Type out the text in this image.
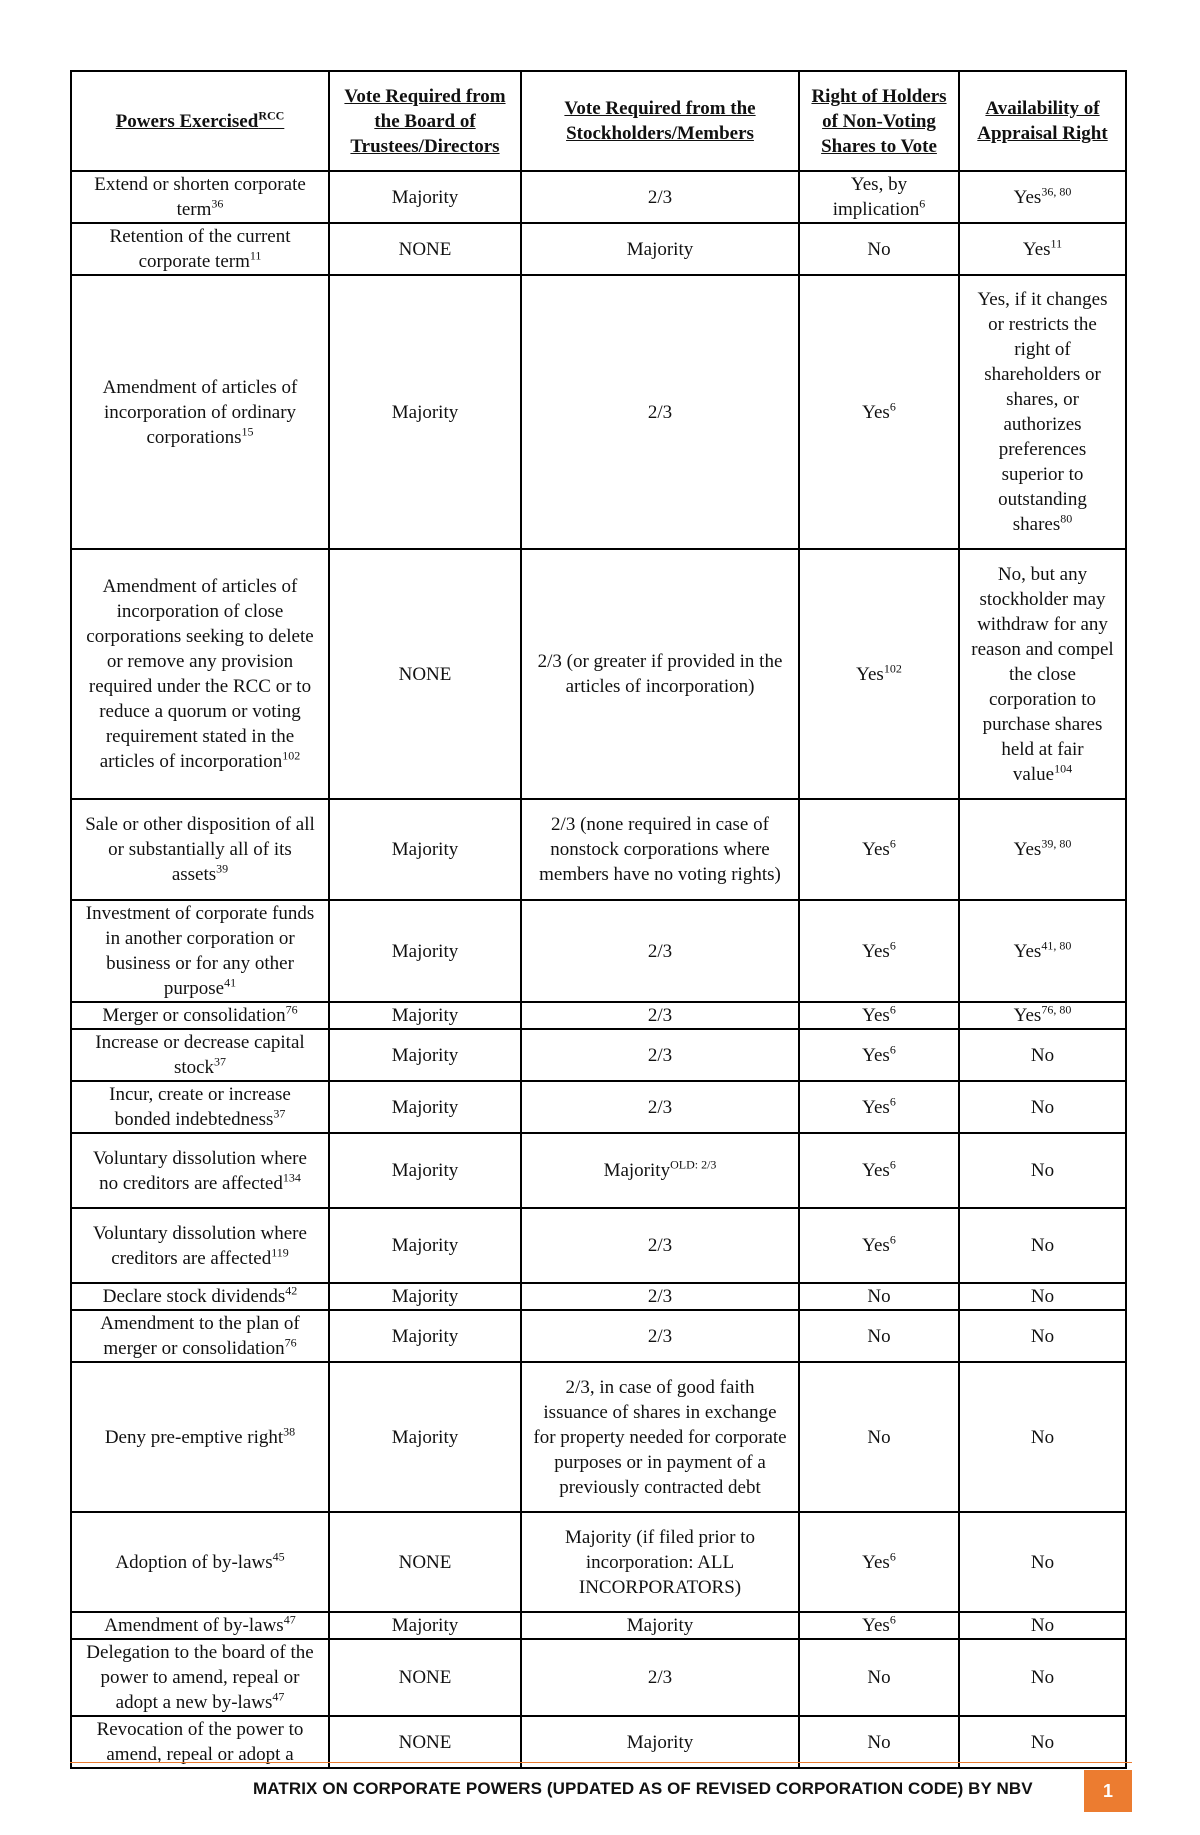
Powers Exercised$^{RCC}$	Vote Required from the Board of Trustees/Directors	Vote Required from the Stockholders/Members	Right of Holders of Non-Voting Shares to Vote	Availability of Appraisal Right
Extend or shorten corporate term$^{36}$	Majority	2/3	Yes, by implication$^6$	Yes$^{36, 80}$
Retention of the current corporate term$^{11}$	NONE	Majority	No	Yes$^{11}$
Amendment of articles of incorporation of ordinary corporations$^{15}$	Majority	2/3	Yes$^6$	Yes, if it changes or restricts the right of shareholders or shares, or authorizes preferences superior to outstanding shares$^{80}$
Amendment of articles of incorporation of close corporations seeking to delete or remove any provision required under the RCC or to reduce a quorum or voting requirement stated in the articles of incorporation$^{102}$	NONE	2/3 (or greater if provided in the articles of incorporation)	Yes$^{102}$	No, but any stockholder may withdraw for any reason and compel the close corporation to purchase shares held at fair value$^{104}$
Sale or other disposition of all or substantially all of its assets$^{39}$	Majority	2/3 (none required in case of nonstock corporations where members have no voting rights)	Yes$^6$	Yes$^{39, 80}$
Investment of corporate funds in another corporation or business or for any other purpose$^{41}$	Majority	2/3	Yes$^6$	Yes$^{41, 80}$
Merger or consolidation$^{76}$	Majority	2/3	Yes$^6$	Yes$^{76, 80}$
Increase or decrease capital stock$^{37}$	Majority	2/3	Yes$^6$	No
Incur, create or increase bonded indebtedness$^{37}$	Majority	2/3	Yes$^6$	No
Voluntary dissolution where no creditors are affected$^{134}$	Majority	Majority$^{OLD: 2/3}$	Yes$^6$	No
Voluntary dissolution where creditors are affected$^{119}$	Majority	2/3	Yes$^6$	No
Declare stock dividends$^{42}$	Majority	2/3	No	No
Amendment to the plan of merger or consolidation$^{76}$	Majority	2/3	No	No
Deny pre-emptive right$^{38}$	Majority	2/3, in case of good faith issuance of shares in exchange for property needed for corporate purposes or in payment of a previously contracted debt	No	No
Adoption of by-laws$^{45}$	NONE	Majority (if filed prior to incorporation: ALL INCORPORATORS)	Yes$^6$	No
Amendment of by-laws$^{47}$	Majority	Majority	Yes$^6$	No
Delegation to the board of the power to amend, repeal or adopt a new by-laws$^{47}$	NONE	2/3	No	No
Revocation of the power to amend, repeal or adopt a	NONE	Majority	No	No
MATRIX ON CORPORATE POWERS (UPDATED AS OF REVISED CORPORATION CODE) BY NBV	1
